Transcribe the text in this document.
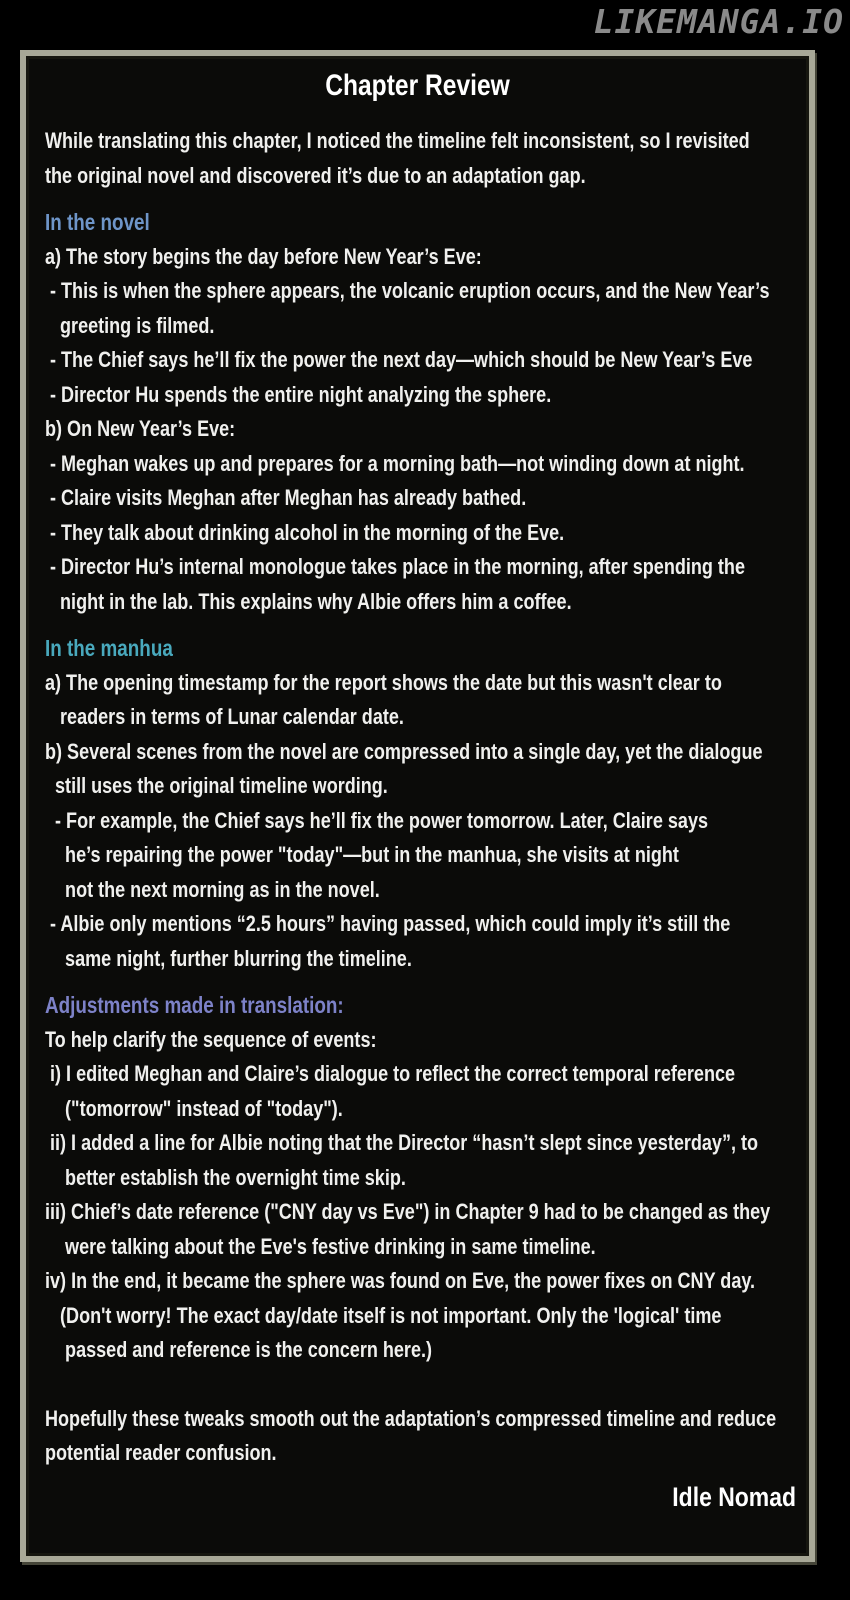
LIKEMANGA.IO
Chapter Review
While translating this chapter, I noticed the timeline felt inconsistent, so I revisited
the original novel and discovered it’s due to an adaptation gap.
In the novel
a) The story begins the day before New Year’s Eve:
- This is when the sphere appears, the volcanic eruption occurs, and the New Year’s
greeting is filmed.
- The Chief says he’ll fix the power the next day—which should be New Year’s Eve
- Director Hu spends the entire night analyzing the sphere.
b) On New Year’s Eve:
- Meghan wakes up and prepares for a morning bath—not winding down at night.
- Claire visits Meghan after Meghan has already bathed.
- They talk about drinking alcohol in the morning of the Eve.
- Director Hu’s internal monologue takes place in the morning, after spending the
night in the lab. This explains why Albie offers him a coffee.
In the manhua
a) The opening timestamp for the report shows the date but this wasn't clear to
readers in terms of Lunar calendar date.
b) Several scenes from the novel are compressed into a single day, yet the dialogue
still uses the original timeline wording.
- For example, the Chief says he’ll fix the power tomorrow. Later, Claire says
he’s repairing the power "today"—but in the manhua, she visits at night
not the next morning as in the novel.
- Albie only mentions “2.5 hours” having passed, which could imply it’s still the
same night, further blurring the timeline.
Adjustments made in translation:
To help clarify the sequence of events:
i) I edited Meghan and Claire’s dialogue to reflect the correct temporal reference
("tomorrow" instead of "today").
ii) I added a line for Albie noting that the Director “hasn’t slept since yesterday”, to
better establish the overnight time skip.
iii) Chief’s date reference ("CNY day vs Eve") in Chapter 9 had to be changed as they
were talking about the Eve's festive drinking in same timeline.
iv) In the end, it became the sphere was found on Eve, the power fixes on CNY day.
(Don't worry! The exact day/date itself is not important. Only the 'logical' time
passed and reference is the concern here.)
Hopefully these tweaks smooth out the adaptation’s compressed timeline and reduce
potential reader confusion.
Idle Nomad
